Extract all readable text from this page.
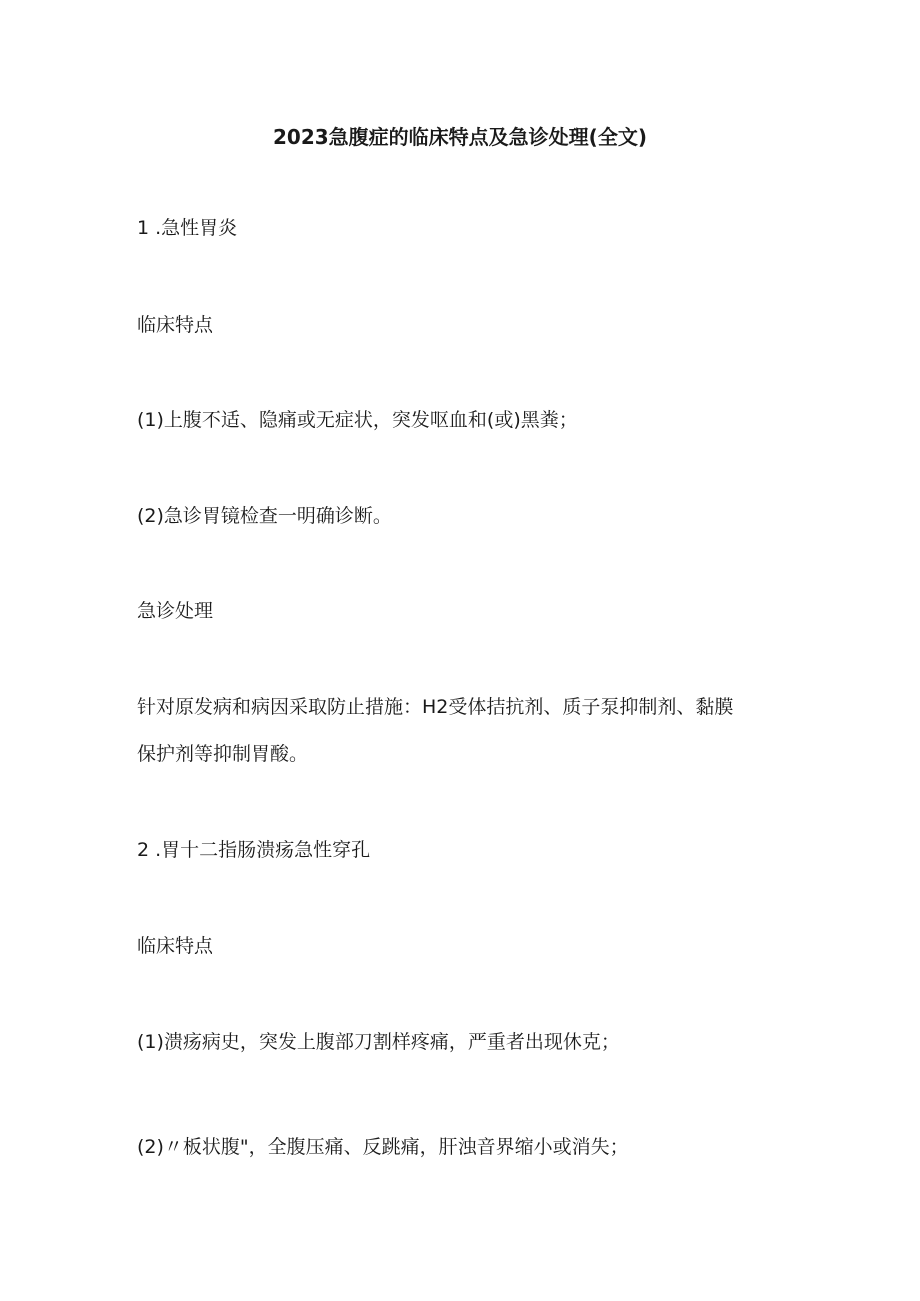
2023急腹症的临床特点及急诊处理(全文)
1 .急性胃炎
临床特点
(1)上腹不适、隐痛或无症状，突发呕血和(或)黑粪；
(2)急诊胃镜检查一明确诊断。
急诊处理
针对原发病和病因采取防止措施：H2受体拮抗剂、质子泵抑制剂、黏膜
保护剂等抑制胃酸。
2 .胃十二指肠溃疡急性穿孔
临床特点
(1)溃疡病史，突发上腹部刀割样疼痛，严重者出现休克；
(2)〃板状腹"，全腹压痛、反跳痛，肝浊音界缩小或消失；
